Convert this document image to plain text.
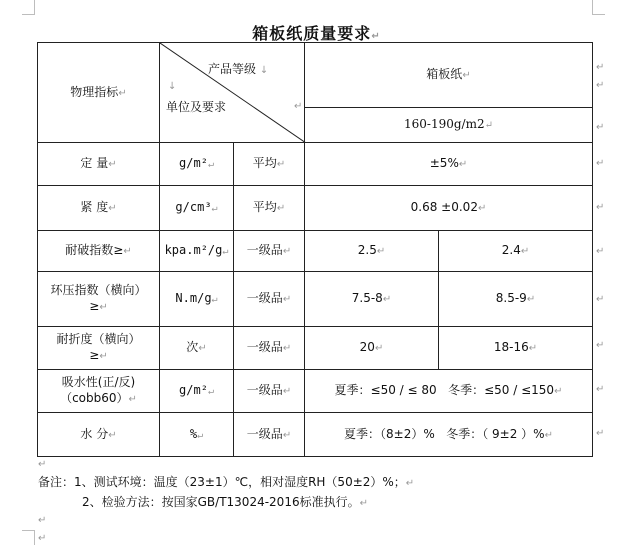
箱板纸质量要求↵
物理指标↵	产品等级 ↓
↓
单位及要求 ↵		箱板纸↵	
			160-190g/m2↵	
定 量↵	g/m²↵	平均↵	±5%↵	
紧 度↵	g/cm³↵	平均↵	0.68 ±0.02↵	
耐破指数≥↵	kpa.m²/g↵	一级品↵	2.5↵	2.4↵
环压指数（横向）
≥↵	N.m/g↵	一级品↵	7.5-8↵	8.5-9↵
耐折度（横向）
≥↵	次↵	一级品↵	20↵	18-16↵
吸水性(正/反)
（cobb60）↵	g/m²↵	一级品↵	夏季：≤50 / ≤ 80   冬季：≤50 / ≤150↵	
水 分↵	%↵	一级品↵	夏季：（8±2）%   冬季：（ 9±2 ）%↵	
↵
↵
↵
↵
↵
↵
↵
↵
↵
↵
↵
备注：1、测试环境：温度（23±1）℃，相对湿度RH（50±2）%；↵
2、检验方法：按国家GB/T13024-2016标准执行。↵
↵
↵
